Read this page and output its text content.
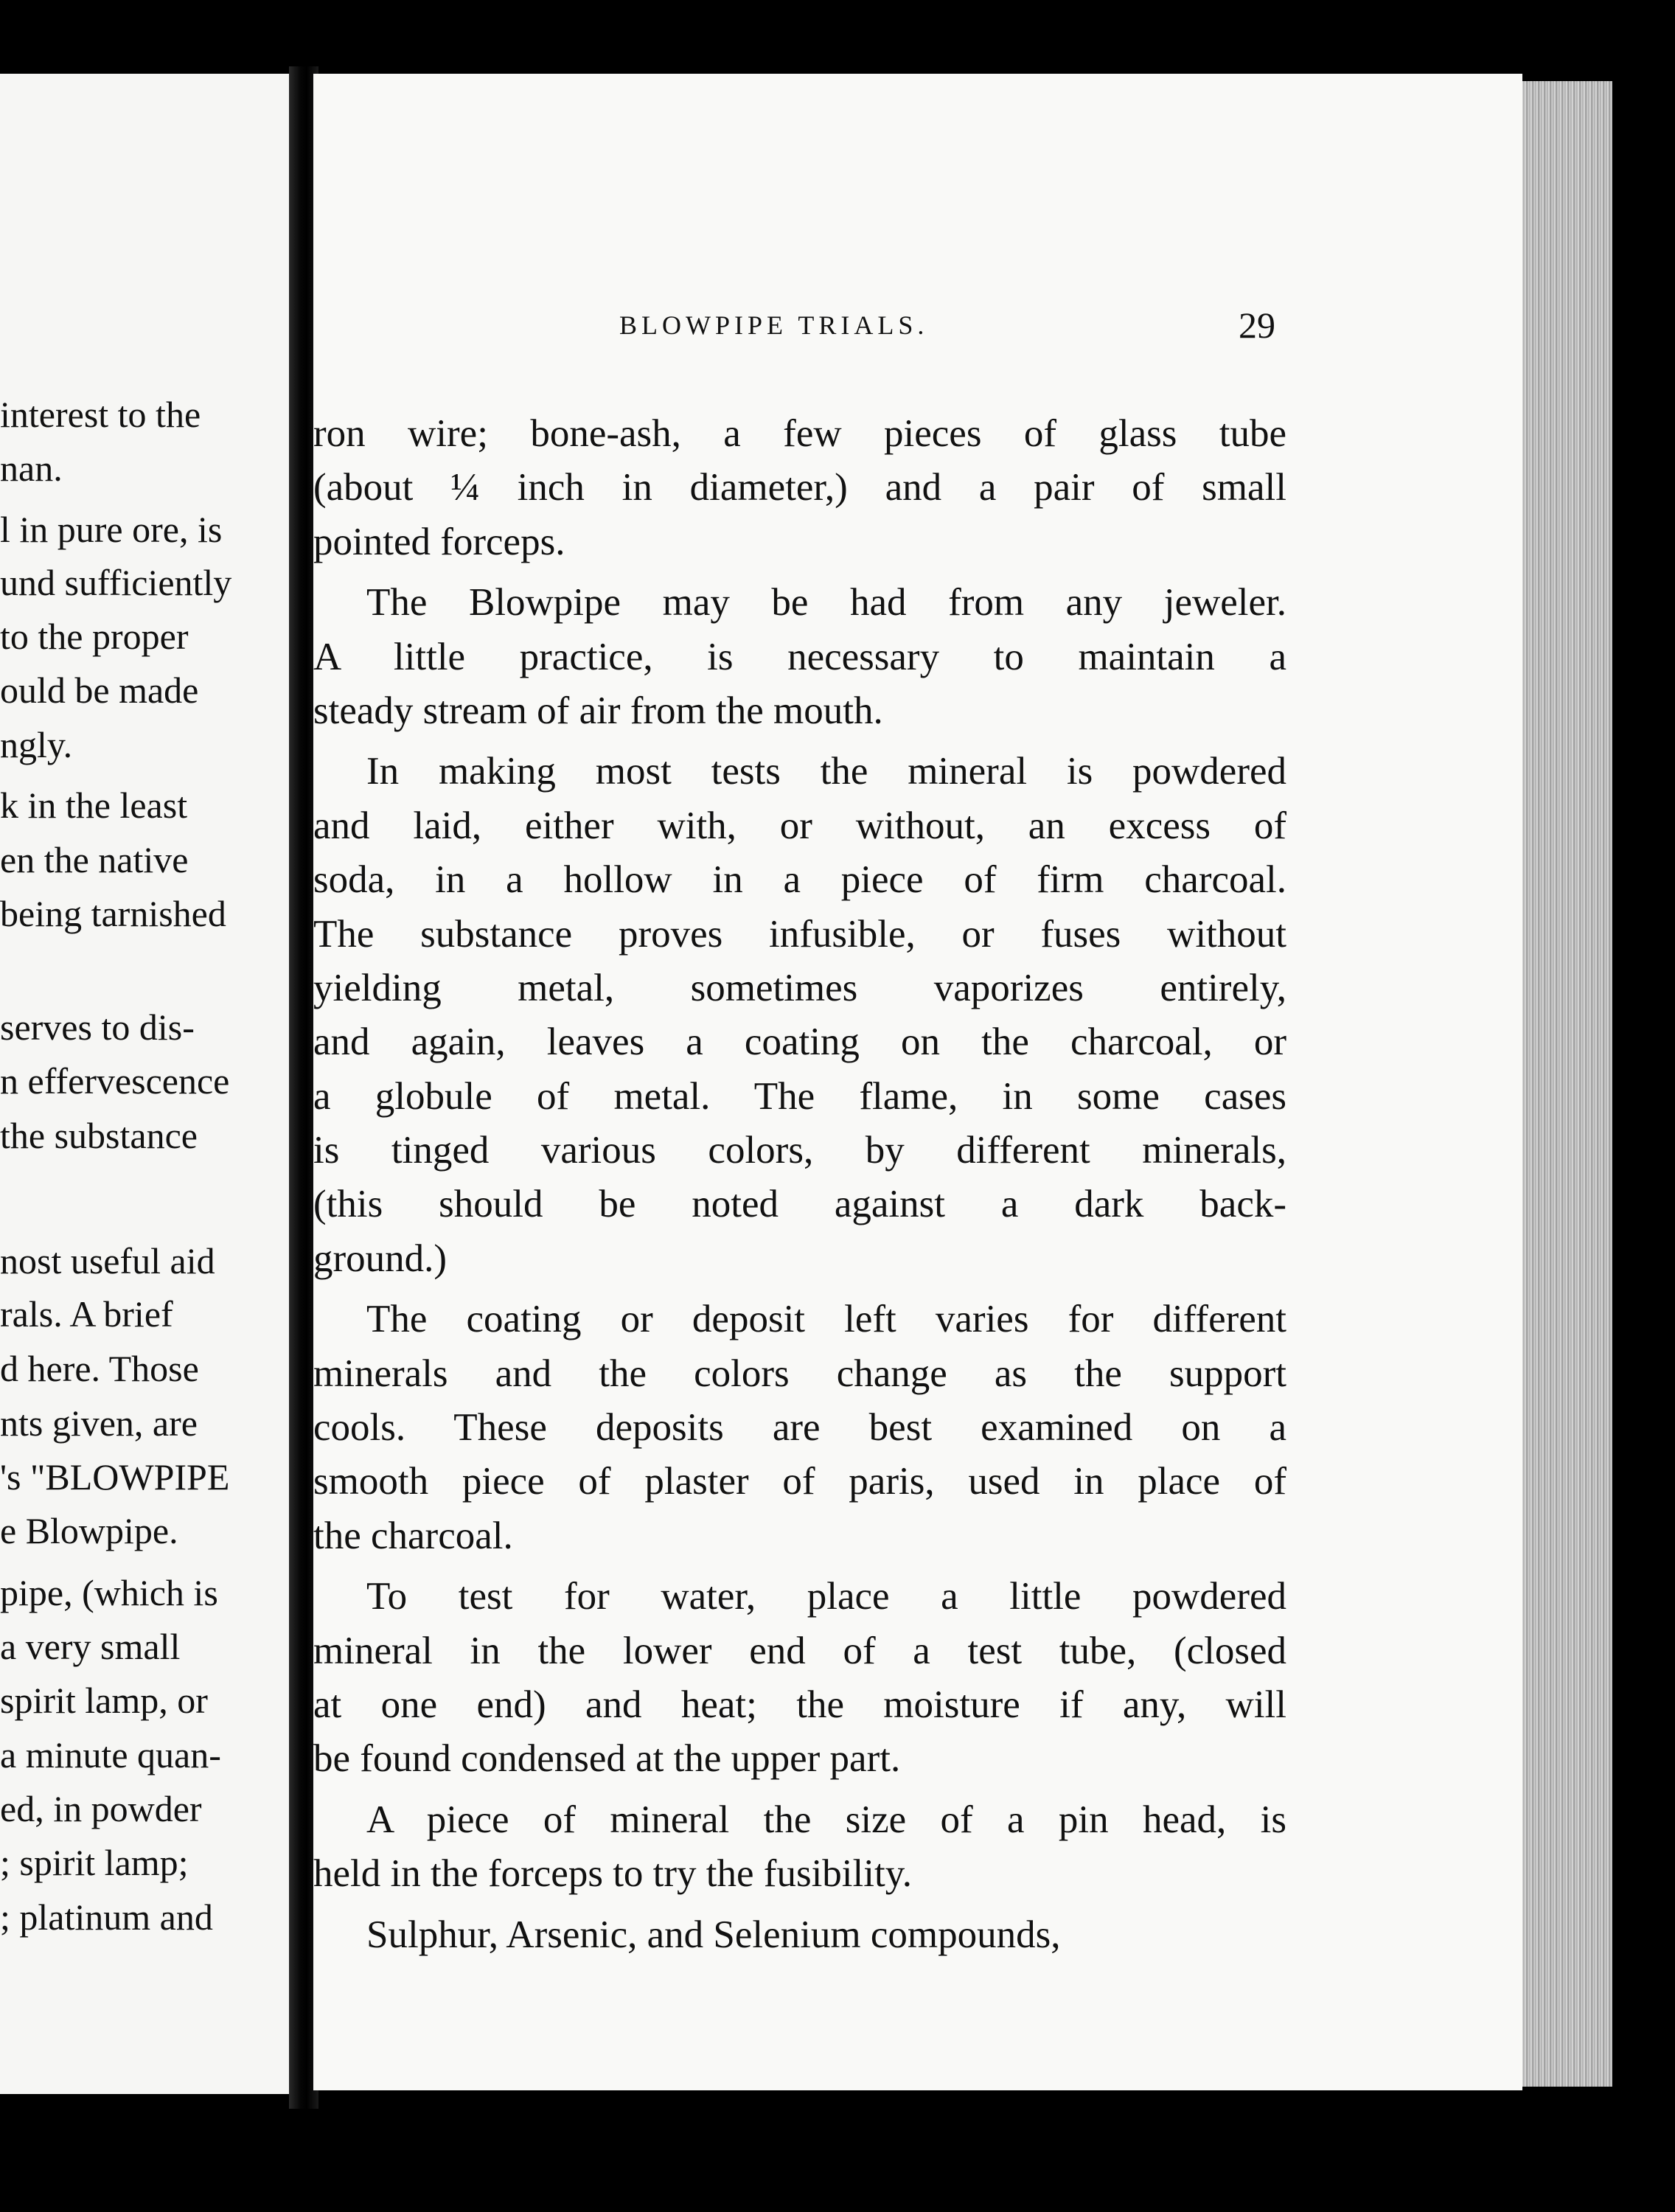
interest to the
nan.
l in pure ore, is
und sufficiently
to the proper
ould be made
ngly.
k in the least
en the native
being tarnished
serves to dis-
n effervescence
the substance
nost useful aid
rals. A brief
d here. Those
nts given, are
's "BLOWPIPE
e Blowpipe.
pipe, (which is
a very small
spirit lamp, or
a minute quan-
ed, in powder
; spirit lamp;
; platinum and
BLOWPIPE TRIALS.	29
ron wire; bone-ash, a few pieces of glass tube
(about ¼ inch in diameter,) and a pair of small
pointed forceps.
The Blowpipe may be had from any jeweler.
A little practice, is necessary to maintain a
steady stream of air from the mouth.
In making most tests the mineral is powdered
and laid, either with, or without, an excess of
soda, in a hollow in a piece of firm charcoal.
The substance proves infusible, or fuses without
yielding metal, sometimes vaporizes entirely,
and again, leaves a coating on the charcoal, or
a globule of metal. The flame, in some cases
is tinged various colors, by different minerals,
(this should be noted against a dark back-
ground.)
The coating or deposit left varies for different
minerals and the colors change as the support
cools. These deposits are best examined on a
smooth piece of plaster of paris, used in place of
the charcoal.
To test for water, place a little powdered
mineral in the lower end of a test tube, (closed
at one end) and heat; the moisture if any, will
be found condensed at the upper part.
A piece of mineral the size of a pin head, is
held in the forceps to try the fusibility.
Sulphur, Arsenic, and Selenium compounds,
